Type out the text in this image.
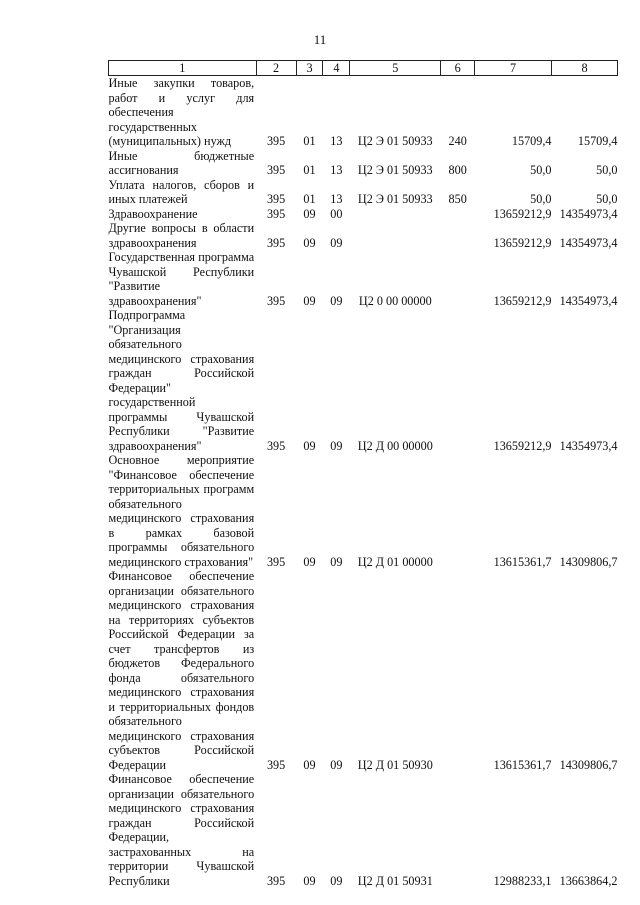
11
1	2	3	4	5	6	7	8
Иные закупки товаров, работ и услуг для обеспечения государственных (муниципальных) нужд	395	01	13	Ц2 Э 01 50933	240	15709,4	15709,4
Иные бюджетные ассигнования	395	01	13	Ц2 Э 01 50933	800	50,0	50,0
Уплата налогов, сборов и иных платежей	395	01	13	Ц2 Э 01 50933	850	50,0	50,0
Здравоохранение	395	09	00			13659212,9	14354973,4
Другие вопросы в области здравоохранения	395	09	09			13659212,9	14354973,4
Государственная программа Чувашской Республики "Развитие здравоохранения"	395	09	09	Ц2 0 00 00000		13659212,9	14354973,4
Подпрограмма "Организация обязательного медицинского страхования граждан Российской Федерации" государственной программы Чувашской Республики "Развитие здравоохранения"	395	09	09	Ц2 Д 00 00000		13659212,9	14354973,4
Основное мероприятие "Финансовое обеспечение территориальных программ обязательного медицинского страхования в рамках базовой программы обязательного медицинского страхования"	395	09	09	Ц2 Д 01 00000		13615361,7	14309806,7
Финансовое обеспечение организации обязательного медицинского страхования на территориях субъектов Российской Федерации за счет трансфертов из бюджетов Федерального фонда обязательного медицинского страхования и территориальных фондов обязательного медицинского страхования субъектов Российской Федерации	395	09	09	Ц2 Д 01 50930		13615361,7	14309806,7
Финансовое обеспечение организации обязательного медицинского страхования граждан Российской Федерации, застрахованных на территории Чувашской Республики	395	09	09	Ц2 Д 01 50931		12988233,1	13663864,2
